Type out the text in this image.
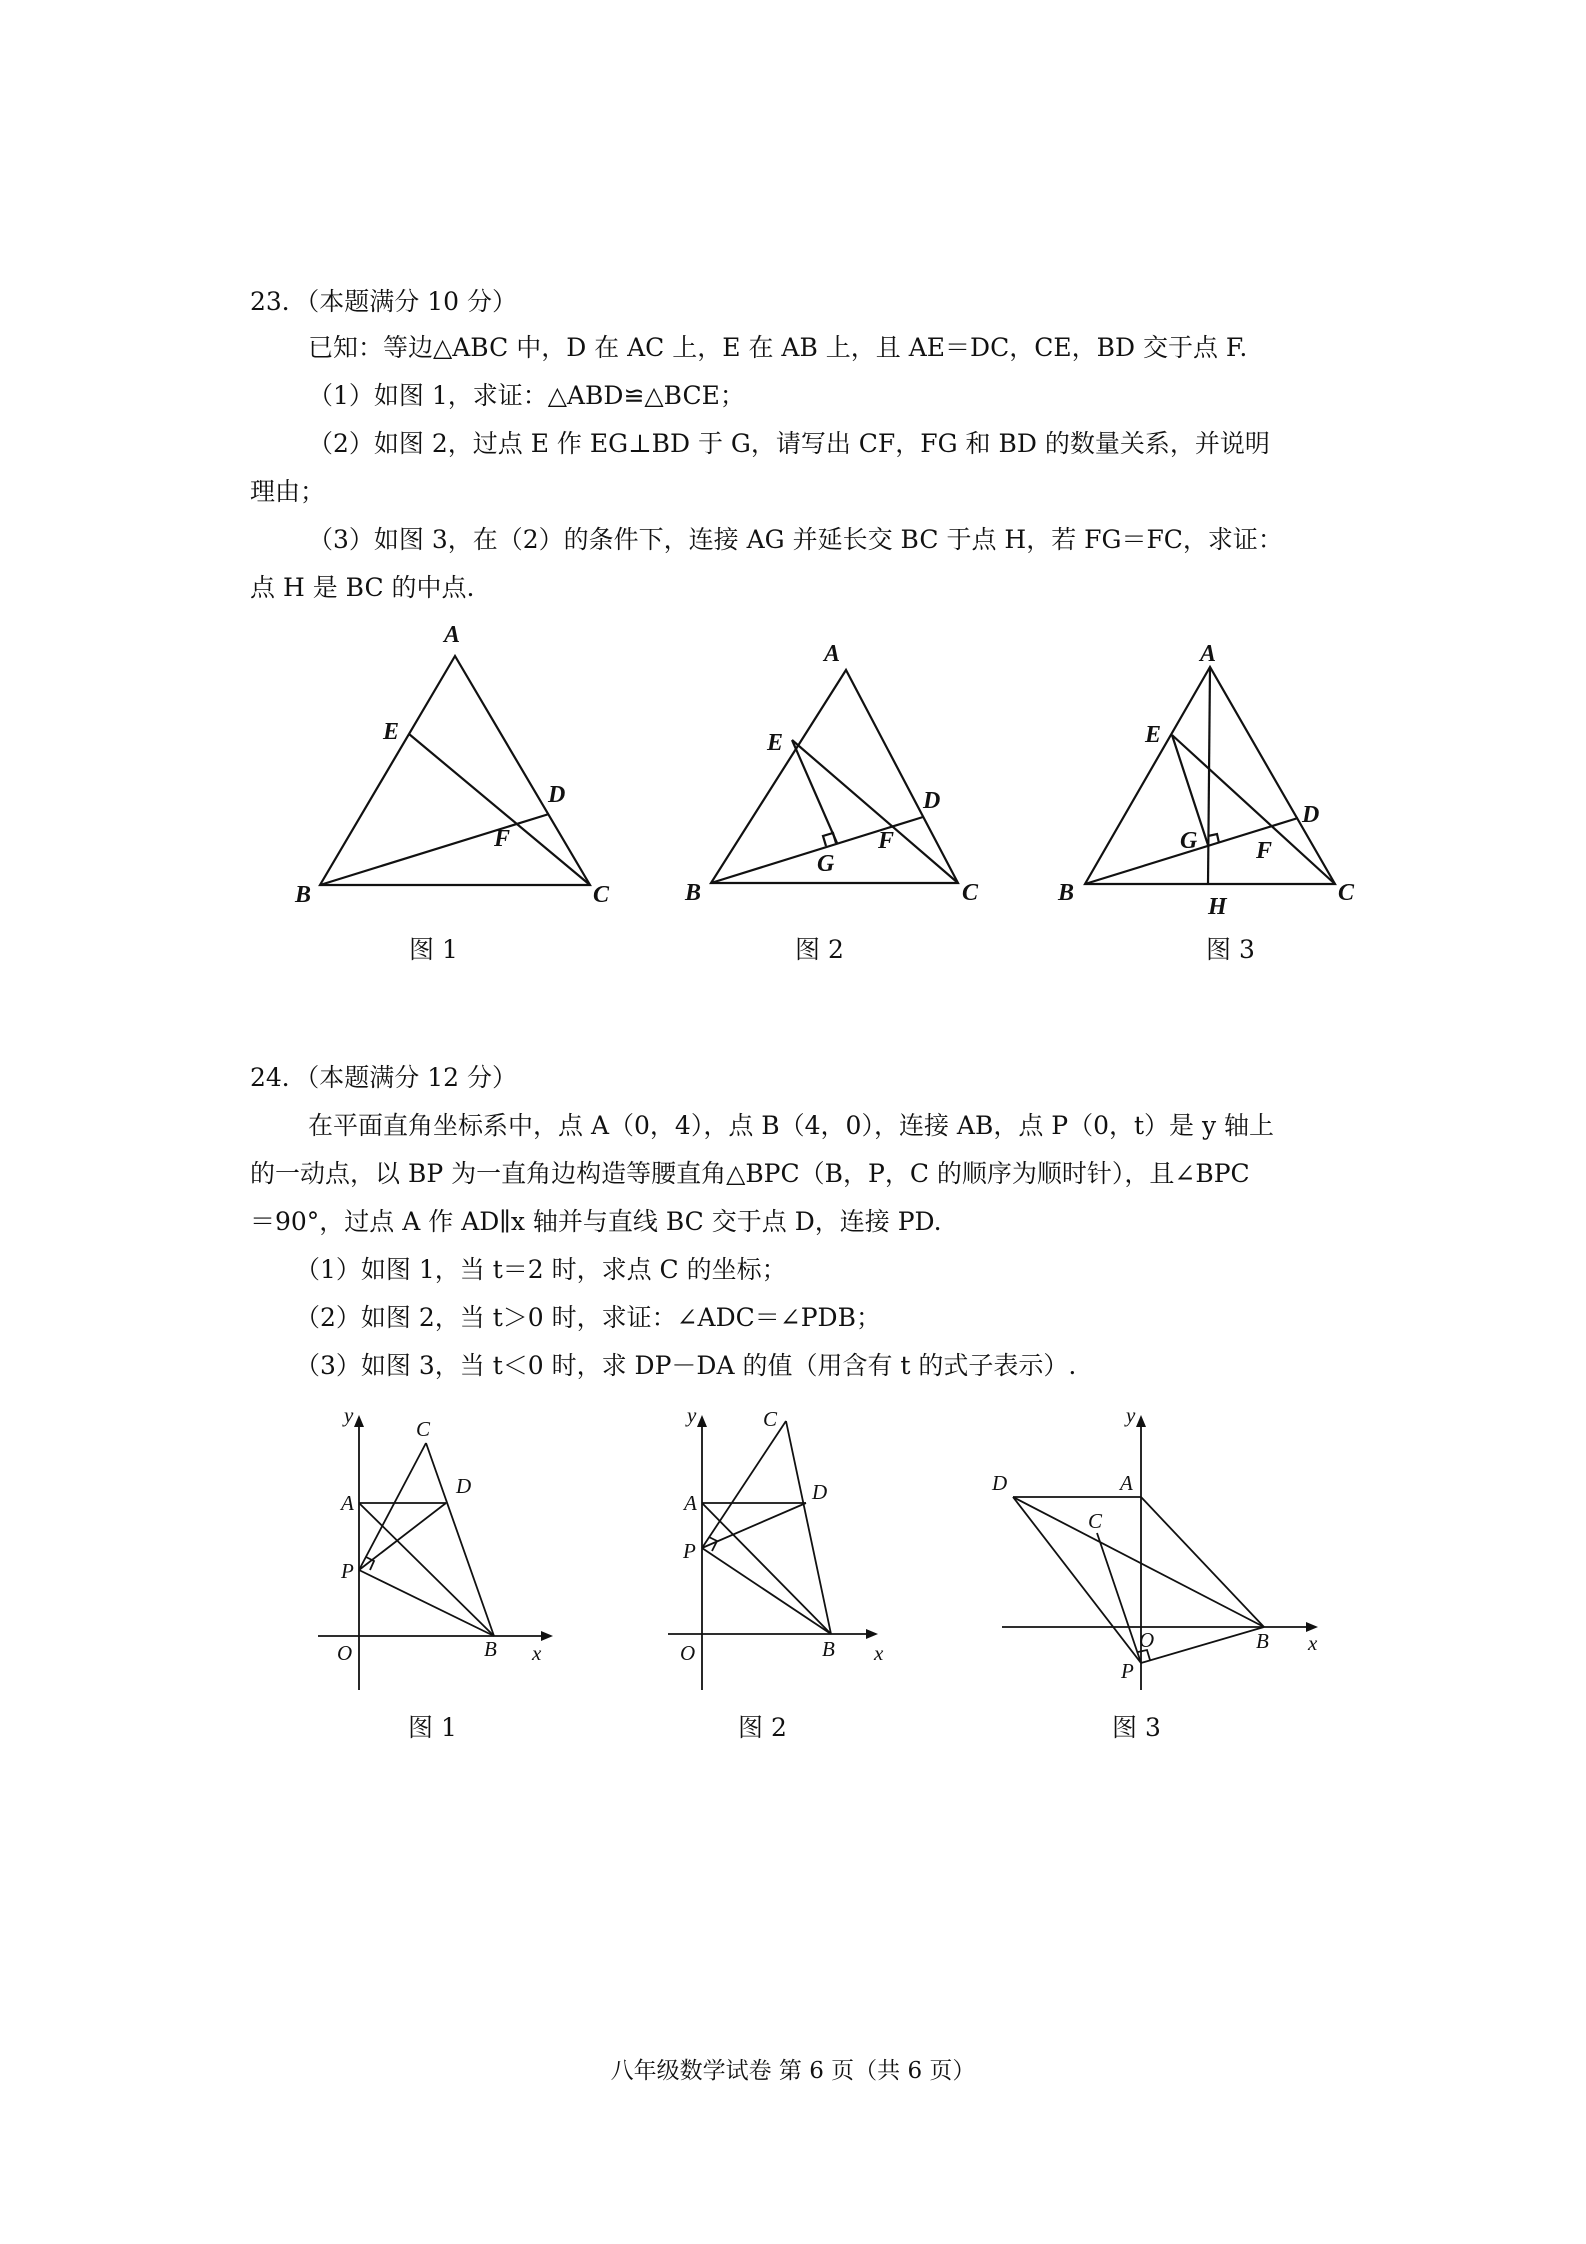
23．（本题满分 10 分）
已知：等边△ABC 中，D 在 AC 上，E 在 AB 上，且 AE＝DC，CE，BD 交于点 F.
（1）如图 1，求证：△ABD≌△BCE；
（2）如图 2，过点 E 作 EG⊥BD 于 G，请写出 CF，FG 和 BD 的数量关系，并说明
理由；
（3）如图 3，在（2）的条件下，连接 AG 并延长交 BC 于点 H，若 FG＝FC，求证：
点 H 是 BC 的中点.
A
E
D
F
B	C
图 1
A
E
D
F
G
B	C
图 2
A
E
D
G F
B
H
C
图 3
24．（本题满分 12 分）
在平面直角坐标系中，点 A（0，4），点 B（4，0），连接 AB，点 P（0，t）是 y 轴上
的一动点，以 BP 为一直角边构造等腰直角△BPC（B，P，C 的顺序为顺时针），且∠BPC
＝90°，过点 A 作 AD∥x 轴并与直线 BC 交于点 D，连接 PD.
（1）如图 1，当 t＝2 时，求点 C 的坐标；
（2）如图 2，当 t＞0 时，求证：∠ADC＝∠PDB；
（3）如图 3，当 t＜0 时，求 DP－DA 的值（用含有 t 的式子表示）.
y
C
A
D
P
O	B x
图 1
y	C
A	D
P
O	B x
图 2
y
D	A
C
O	B x
P
图 3
八年级数学试卷 第 6 页（共 6 页）
